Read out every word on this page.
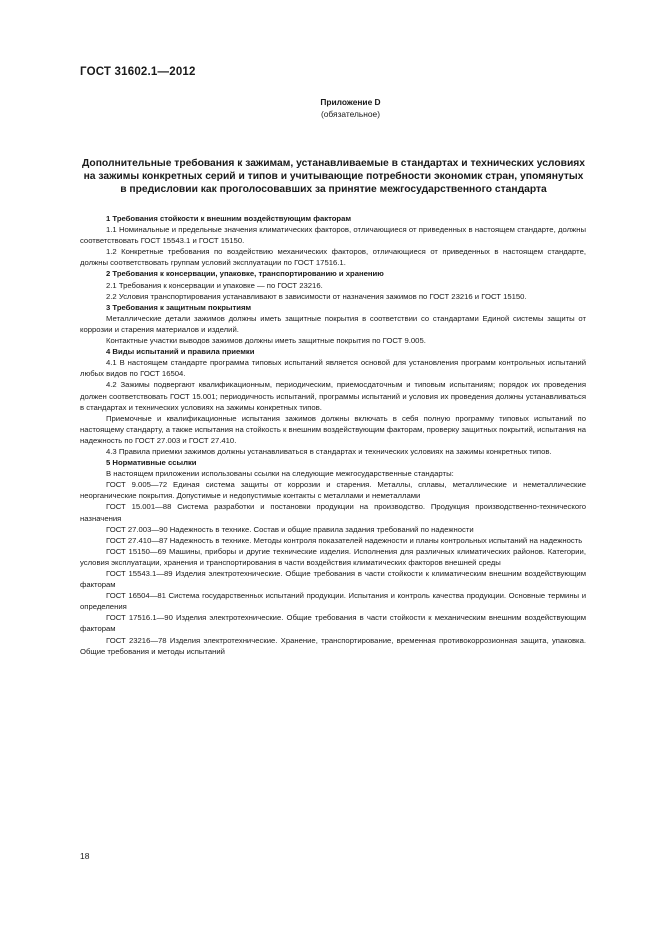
ГОСТ 31602.1—2012
Приложение D
(обязательное)
Дополнительные требования к зажимам, устанавливаемые в стандартах и технических условиях на зажимы конкретных серий и типов и учитывающие потребности экономик стран, упомянутых в предисловии как проголосовавших за принятие межгосударственного стандарта

1 Требования стойкости к внешним воздействующим факторам

1.1 Номинальные и предельные значения климатических факторов, отличающиеся от приведенных в настоящем стандарте, должны соответствовать ГОСТ 15543.1 и ГОСТ 15150.

1.2 Конкретные требования по воздействию механических факторов, отличающиеся от приведенных в настоящем стандарте, должны соответствовать группам условий эксплуатации по ГОСТ 17516.1.

2 Требования к консервации, упаковке, транспортированию и хранению

2.1 Требования к консервации и упаковке — по ГОСТ 23216.

2.2 Условия транспортирования устанавливают в зависимости от назначения зажимов по ГОСТ 23216 и ГОСТ 15150.

3 Требования к защитным покрытиям

Металлические детали зажимов должны иметь защитные покрытия в соответствии со стандартами Единой системы защиты от коррозии и старения материалов и изделий.

Контактные участки выводов зажимов должны иметь защитные покрытия по ГОСТ 9.005.

4 Виды испытаний и правила приемки

4.1 В настоящем стандарте программа типовых испытаний является основой для установления программ контрольных испытаний любых видов по ГОСТ 16504.

4.2 Зажимы подвергают квалификационным, периодическим, приемосдаточным и типовым испытаниям; порядок их проведения должен соответствовать ГОСТ 15.001; периодичность испытаний, программы испытаний и условия их проведения должны устанавливаться в стандартах и технических условиях на зажимы конкретных типов.

Приемочные и квалификационные испытания зажимов должны включать в себя полную программу типовых испытаний по настоящему стандарту, а также испытания на стойкость к внешним воздействующим факторам, проверку защитных покрытий, испытания на надежность по ГОСТ 27.003 и ГОСТ 27.410.

4.3 Правила приемки зажимов должны устанавливаться в стандартах и технических условиях на зажимы конкретных типов.

5 Нормативные ссылки

В настоящем приложении использованы ссылки на следующие межгосударственные стандарты:

ГОСТ 9.005—72 Единая система защиты от коррозии и старения. Металлы, сплавы, металлические и неметаллические неорганические покрытия. Допустимые и недопустимые контакты с металлами и неметаллами

ГОСТ 15.001—88 Система разработки и постановки продукции на производство. Продукция производственно-технического назначения

ГОСТ 27.003—90 Надежность в технике. Состав и общие правила задания требований по надежности

ГОСТ 27.410—87 Надежность в технике. Методы контроля показателей надежности и планы контрольных испытаний на надежность

ГОСТ 15150—69 Машины, приборы и другие технические изделия. Исполнения для различных климатических районов. Категории, условия эксплуатации, хранения и транспортирования в части воздействия климатических факторов внешней среды

ГОСТ 15543.1—89 Изделия электротехнические. Общие требования в части стойкости к климатическим внешним воздействующим факторам

ГОСТ 16504—81 Система государственных испытаний продукции. Испытания и контроль качества продукции. Основные термины и определения

ГОСТ 17516.1—90 Изделия электротехнические. Общие требования в части стойкости к механическим внешним воздействующим факторам

ГОСТ 23216—78 Изделия электротехнические. Хранение, транспортирование, временная противокоррозионная защита, упаковка. Общие требования и методы испытаний

18
